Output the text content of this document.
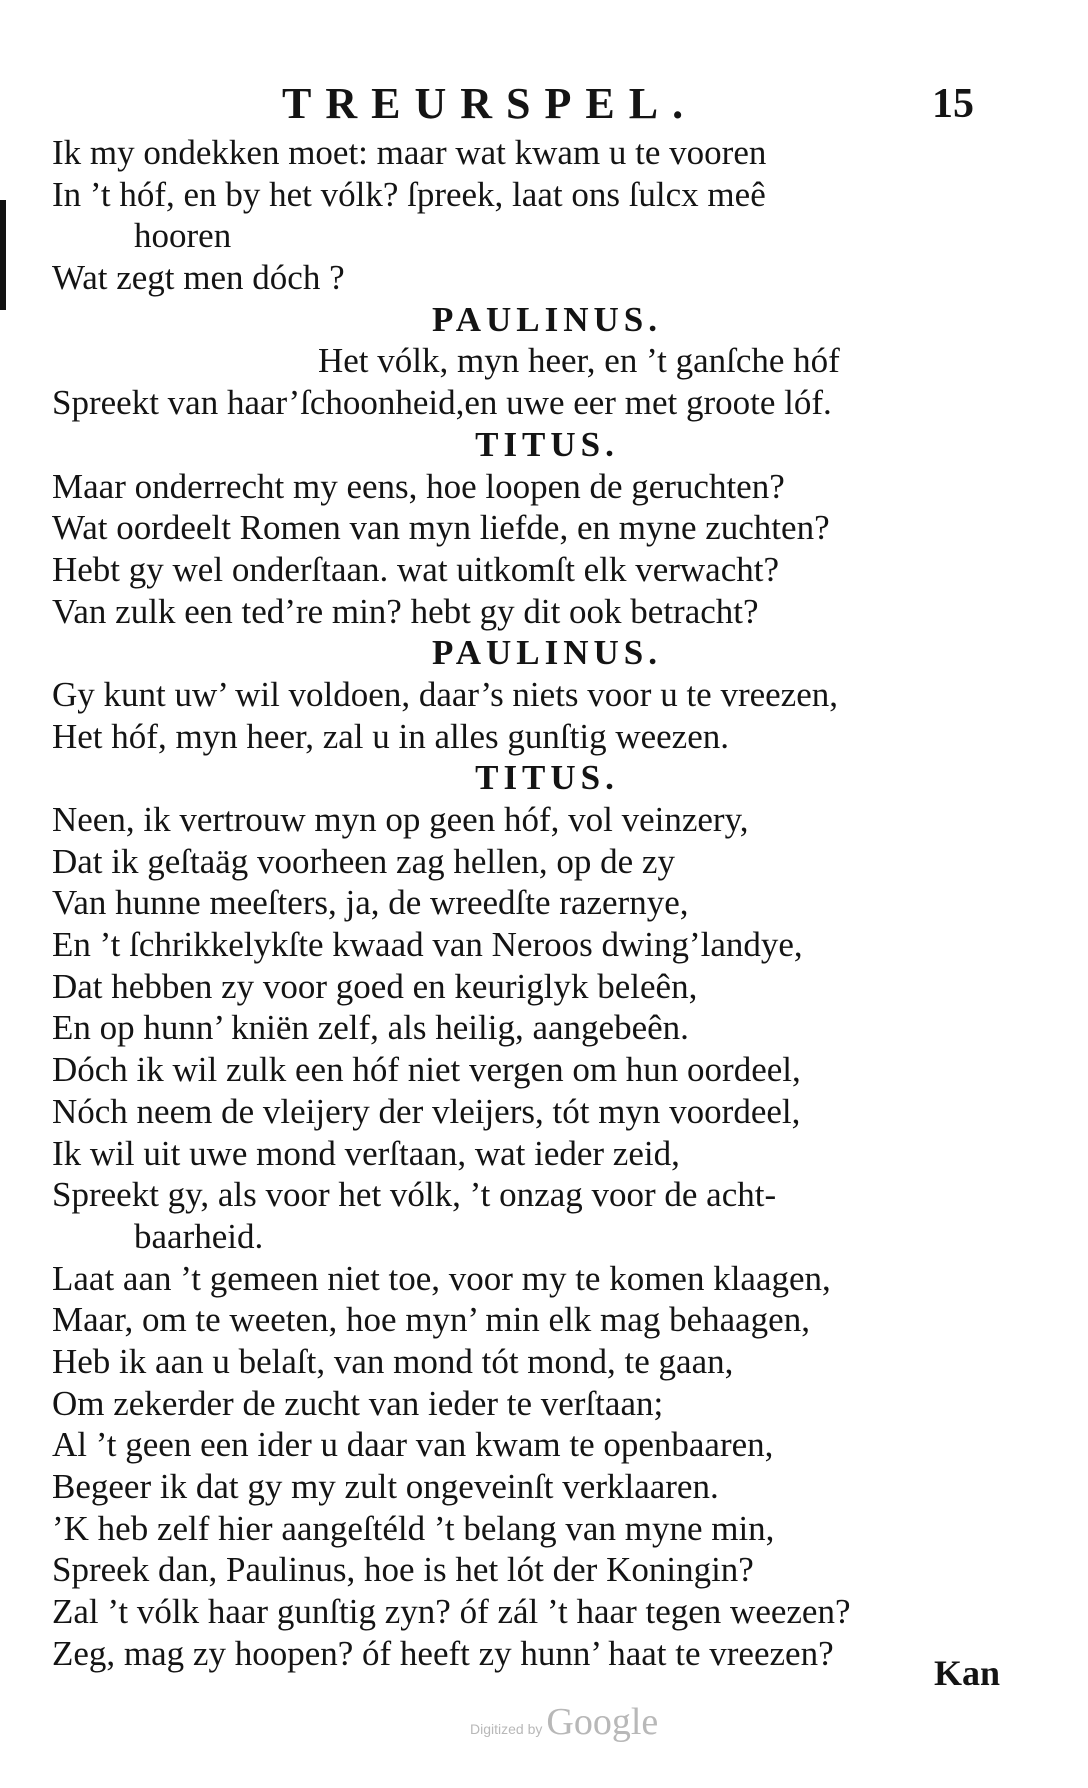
TREURSPEL.	15
Ik my ondekken moet: maar wat kwam u te vooren
In ’t hóf, en by het vólk? ſpreek, laat ons ſulcx meê
hooren
Wat zegt men dóch ?
PAULINUS.
Het vólk, myn heer, en ’t ganſche hóf
Spreekt van haar’ſchoonheid,en uwe eer met groote lóf.
TITUS.
Maar onderrecht my eens, hoe loopen de geruchten?
Wat oordeelt Romen van myn liefde, en myne zuchten?
Hebt gy wel onderſtaan. wat uitkomſt elk verwacht?
Van zulk een ted’re min? hebt gy dit ook betracht?
PAULINUS.
Gy kunt uw’ wil voldoen, daar’s niets voor u te vreezen,
Het hóf, myn heer, zal u in alles gunſtig weezen.
TITUS.
Neen, ik vertrouw myn op geen hóf, vol veinzery,
Dat ik geſtaäg voorheen zag hellen, op de zy
Van hunne meeſters, ja, de wreedſte razernye,
En ’t ſchrikkelykſte kwaad van Neroos dwing’landye,
Dat hebben zy voor goed en keuriglyk beleên,
En op hunn’ kniën zelf, als heilig, aangebeên.
Dóch ik wil zulk een hóf niet vergen om hun oordeel,
Nóch neem de vleijery der vleijers, tót myn voordeel,
Ik wil uit uwe mond verſtaan, wat ieder zeid,
Spreekt gy, als voor het vólk, ’t onzag voor de acht-
baarheid.
Laat aan ’t gemeen niet toe, voor my te komen klaagen,
Maar, om te weeten, hoe myn’ min elk mag behaagen,
Heb ik aan u belaſt, van mond tót mond, te gaan,
Om zekerder de zucht van ieder te verſtaan;
Al ’t geen een ider u daar van kwam te openbaaren,
Begeer ik dat gy my zult ongeveinſt verklaaren.
’K heb zelf hier aangeſtéld ’t belang van myne min,
Spreek dan, Paulinus, hoe is het lót der Koningin?
Zal ’t vólk haar gunſtig zyn? óf zál ’t haar tegen weezen?
Zeg, mag zy hoopen? óf heeft zy hunn’ haat te vreezen?	Kan
Digitized by Google
